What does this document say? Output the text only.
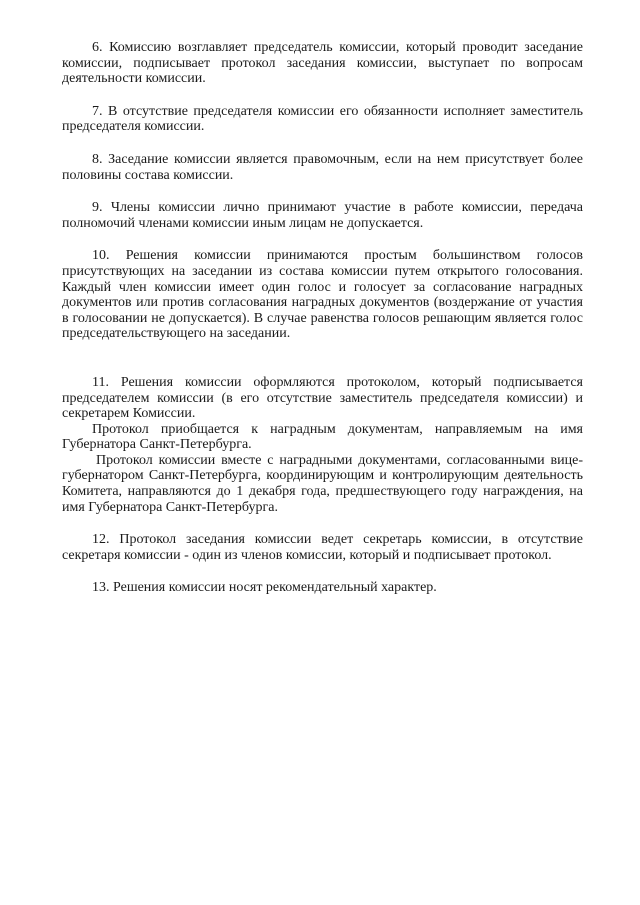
6. Комиссию возглавляет председатель комиссии, который проводит заседание комиссии, подписывает протокол заседания комиссии, выступает по вопросам деятельности комиссии.

7. В отсутствие председателя комиссии его обязанности исполняет заместитель председателя комиссии.

8. Заседание комиссии является правомочным, если на нем присутствует более половины состава комиссии.

9. Члены комиссии лично принимают участие в работе комиссии, передача полномочий членами комиссии иным лицам не допускается.

10. Решения комиссии принимаются простым большинством голосов присутствующих на заседании из состава комиссии путем открытого голосования. Каждый член комиссии имеет один голос и голосует за согласование наградных документов или против согласования наградных документов (воздержание от участия в голосовании не допускается). В случае равенства голосов решающим является голос председательствующего на заседании.

11. Решения комиссии оформляются протоколом, который подписывается председателем комиссии (в его отсутствие заместитель председателя комиссии) и секретарем Комиссии.

Протокол приобщается к наградным документам, направляемым на имя Губернатора Санкт-Петербурга.

Протокол комиссии вместе с наградными документами, согласованными вице-губернатором Санкт-Петербурга, координирующим и контролирующим деятельность Комитета, направляются до 1 декабря года, предшествующего году награждения, на имя Губернатора Санкт-Петербурга.

12. Протокол заседания комиссии ведет секретарь комиссии, в отсутствие секретаря комиссии - один из членов комиссии, который и подписывает протокол.

13. Решения комиссии носят рекомендательный характер.
